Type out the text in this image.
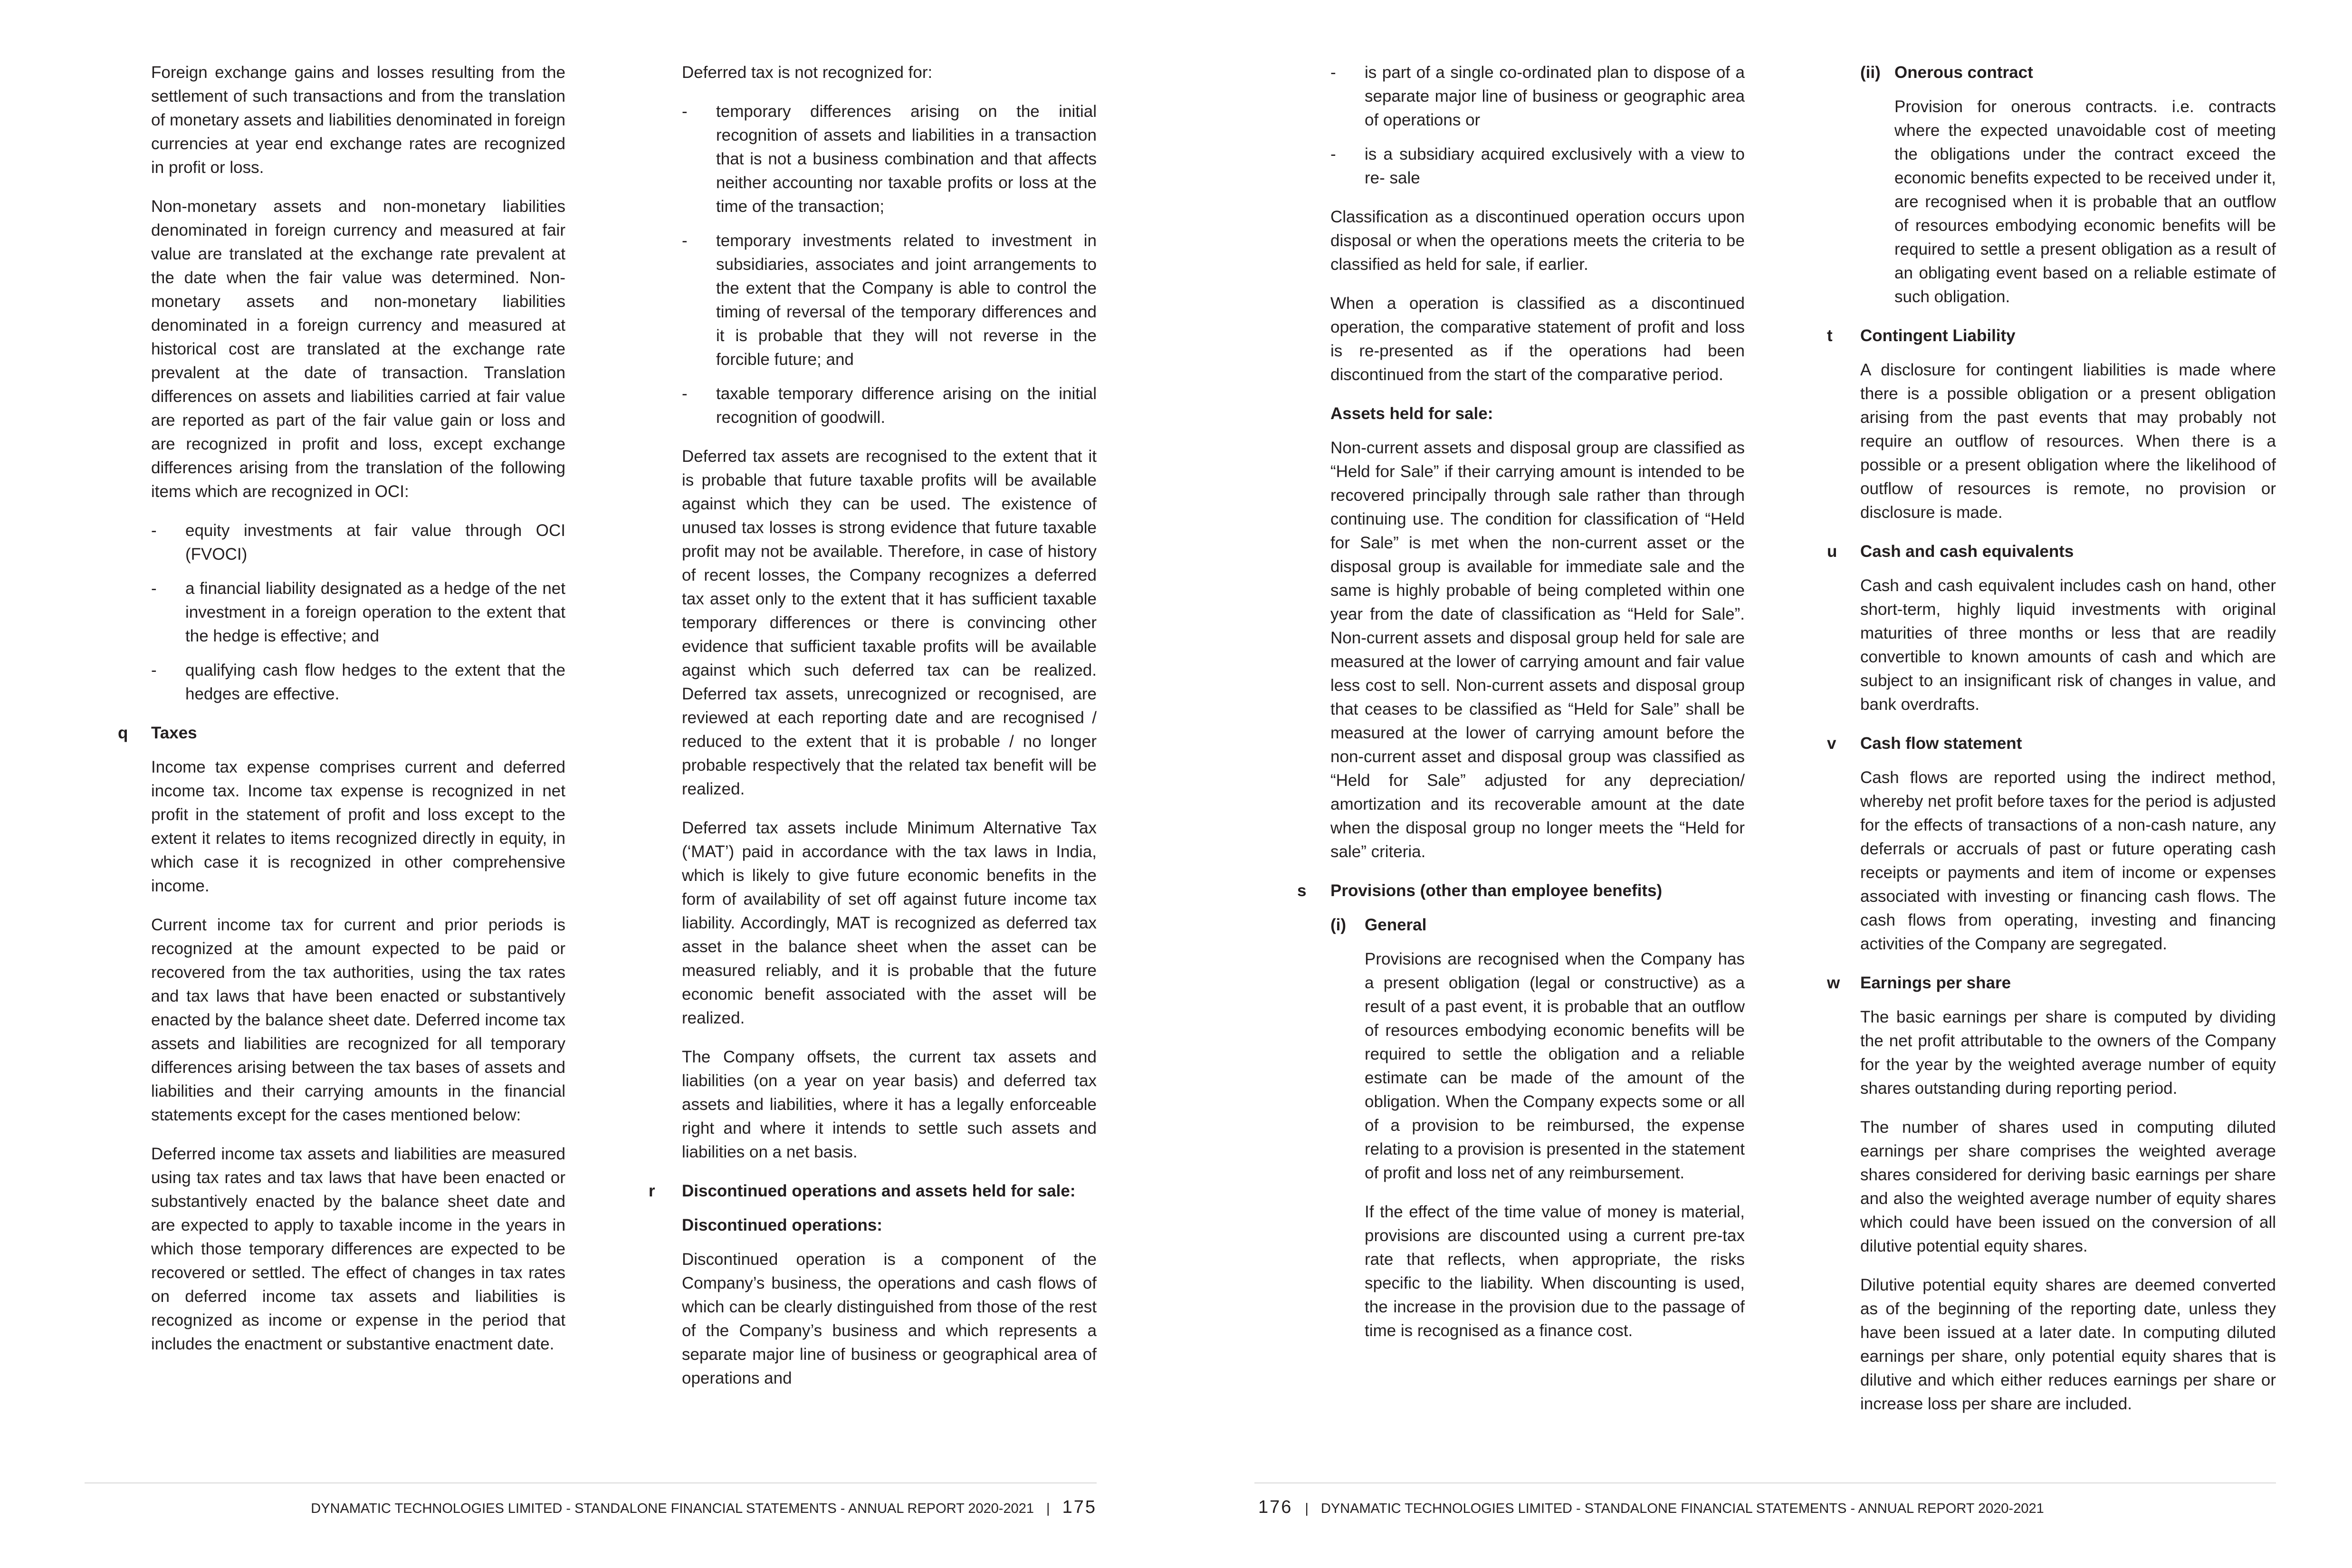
Foreign exchange gains and losses resulting from the settlement of such transactions and from the translation of monetary assets and liabilities denominated in foreign currencies at year end exchange rates are recognized in profit or loss.

Non-monetary assets and non-monetary liabilities denominated in foreign currency and measured at fair value are translated at the exchange rate prevalent at the date when the fair value was determined. Non-monetary assets and non-monetary liabilities denominated in a foreign currency and measured at historical cost are translated at the exchange rate prevalent at the date of transaction. Translation differences on assets and liabilities carried at fair value are reported as part of the fair value gain or loss and are recognized in profit and loss, except exchange differences arising from the translation of the following items which are recognized in OCI:

- equity investments at fair value through OCI (FVOCI)
- a financial liability designated as a hedge of the net investment in a foreign operation to the extent that the hedge is effective; and
- qualifying cash flow hedges to the extent that the hedges are effective.
q Taxes

Income tax expense comprises current and deferred income tax. Income tax expense is recognized in net profit in the statement of profit and loss except to the extent it relates to items recognized directly in equity, in which case it is recognized in other comprehensive income.

Current income tax for current and prior periods is recognized at the amount expected to be paid or recovered from the tax authorities, using the tax rates and tax laws that have been enacted or substantively enacted by the balance sheet date. Deferred income tax assets and liabilities are recognized for all temporary differences arising between the tax bases of assets and liabilities and their carrying amounts in the financial statements except for the cases mentioned below:

Deferred income tax assets and liabilities are measured using tax rates and tax laws that have been enacted or substantively enacted by the balance sheet date and are expected to apply to taxable income in the years in which those temporary differences are expected to be recovered or settled. The effect of changes in tax rates on deferred income tax assets and liabilities is recognized as income or expense in the period that includes the enactment or substantive enactment date.

Deferred tax is not recognized for:

- temporary differences arising on the initial recognition of assets and liabilities in a transaction that is not a business combination and that affects neither accounting nor taxable profits or loss at the time of the transaction;
- temporary investments related to investment in subsidiaries, associates and joint arrangements to the extent that the Company is able to control the timing of reversal of the temporary differences and it is probable that they will not reverse in the forcible future; and
- taxable temporary difference arising on the initial recognition of goodwill.

Deferred tax assets are recognised to the extent that it is probable that future taxable profits will be available against which they can be used. The existence of unused tax losses is strong evidence that future taxable profit may not be available. Therefore, in case of history of recent losses, the Company recognizes a deferred tax asset only to the extent that it has sufficient taxable temporary differences or there is convincing other evidence that sufficient taxable profits will be available against which such deferred tax can be realized. Deferred tax assets, unrecognized or recognised, are reviewed at each reporting date and are recognised / reduced to the extent that it is probable / no longer probable respectively that the related tax benefit will be realized.

Deferred tax assets include Minimum Alternative Tax (‘MAT’) paid in accordance with the tax laws in India, which is likely to give future economic benefits in the form of availability of set off against future income tax liability. Accordingly, MAT is recognized as deferred tax asset in the balance sheet when the asset can be measured reliably, and it is probable that the future economic benefit associated with the asset will be realized.

The Company offsets, the current tax assets and liabilities (on a year on year basis) and deferred tax assets and liabilities, where it has a legally enforceable right and where it intends to settle such assets and liabilities on a net basis.

r Discontinued operations and assets held for sale:
Discontinued operations:

Discontinued operation is a component of the Company’s business, the operations and cash flows of which can be clearly distinguished from those of the rest of the Company’s business and which represents a separate major line of business or geographical area of operations and

- is part of a single co-ordinated plan to dispose of a separate major line of business or geographic area of operations or
- is a subsidiary acquired exclusively with a view to re- sale

Classification as a discontinued operation occurs upon disposal or when the operations meets the criteria to be classified as held for sale, if earlier.

When a operation is classified as a discontinued operation, the comparative statement of profit and loss is re-presented as if the operations had been discontinued from the start of the comparative period.

Assets held for sale:

Non-current assets and disposal group are classified as “Held for Sale” if their carrying amount is intended to be recovered principally through sale rather than through continuing use. The condition for classification of “Held for Sale” is met when the non-current asset or the disposal group is available for immediate sale and the same is highly probable of being completed within one year from the date of classification as “Held for Sale”. Non-current assets and disposal group held for sale are measured at the lower of carrying amount and fair value less cost to sell. Non-current assets and disposal group that ceases to be classified as “Held for Sale” shall be measured at the lower of carrying amount before the non-current asset and disposal group was classified as “Held for Sale” adjusted for any depreciation/ amortization and its recoverable amount at the date when the disposal group no longer meets the “Held for sale” criteria.

s Provisions (other than employee benefits)
(i) General

Provisions are recognised when the Company has a present obligation (legal or constructive) as a result of a past event, it is probable that an outflow of resources embodying economic benefits will be required to settle the obligation and a reliable estimate can be made of the amount of the obligation. When the Company expects some or all of a provision to be reimbursed, the expense relating to a provision is presented in the statement of profit and loss net of any reimbursement.

If the effect of the time value of money is material, provisions are discounted using a current pre-tax rate that reflects, when appropriate, the risks specific to the liability. When discounting is used, the increase in the provision due to the passage of time is recognised as a finance cost.

(ii) Onerous contract

Provision for onerous contracts. i.e. contracts where the expected unavoidable cost of meeting the obligations under the contract exceed the economic benefits expected to be received under it, are recognised when it is probable that an outflow of resources embodying economic benefits will be required to settle a present obligation as a result of an obligating event based on a reliable estimate of such obligation.

t Contingent Liability

A disclosure for contingent liabilities is made where there is a possible obligation or a present obligation arising from the past events that may probably not require an outflow of resources. When there is a possible or a present obligation where the likelihood of outflow of resources is remote, no provision or disclosure is made.

u Cash and cash equivalents

Cash and cash equivalent includes cash on hand, other short-term, highly liquid investments with original maturities of three months or less that are readily convertible to known amounts of cash and which are subject to an insignificant risk of changes in value, and bank overdrafts.

v Cash flow statement

Cash flows are reported using the indirect method, whereby net profit before taxes for the period is adjusted for the effects of transactions of a non-cash nature, any deferrals or accruals of past or future operating cash receipts or payments and item of income or expenses associated with investing or financing cash flows. The cash flows from operating, investing and financing activities of the Company are segregated.

w Earnings per share

The basic earnings per share is computed by dividing the net profit attributable to the owners of the Company for the year by the weighted average number of equity shares outstanding during reporting period.

The number of shares used in computing diluted earnings per share comprises the weighted average shares considered for deriving basic earnings per share and also the weighted average number of equity shares which could have been issued on the conversion of all dilutive potential equity shares.

Dilutive potential equity shares are deemed converted as of the beginning of the reporting date, unless they have been issued at a later date. In computing diluted earnings per share, only potential equity shares that is dilutive and which either reduces earnings per share or increase loss per share are included.

DYNAMATIC TECHNOLOGIES LIMITED - STANDALONE FINANCIAL STATEMENTS - ANNUAL REPORT 2020-2021 | 175	176 | DYNAMATIC TECHNOLOGIES LIMITED - STANDALONE FINANCIAL STATEMENTS - ANNUAL REPORT 2020-2021
